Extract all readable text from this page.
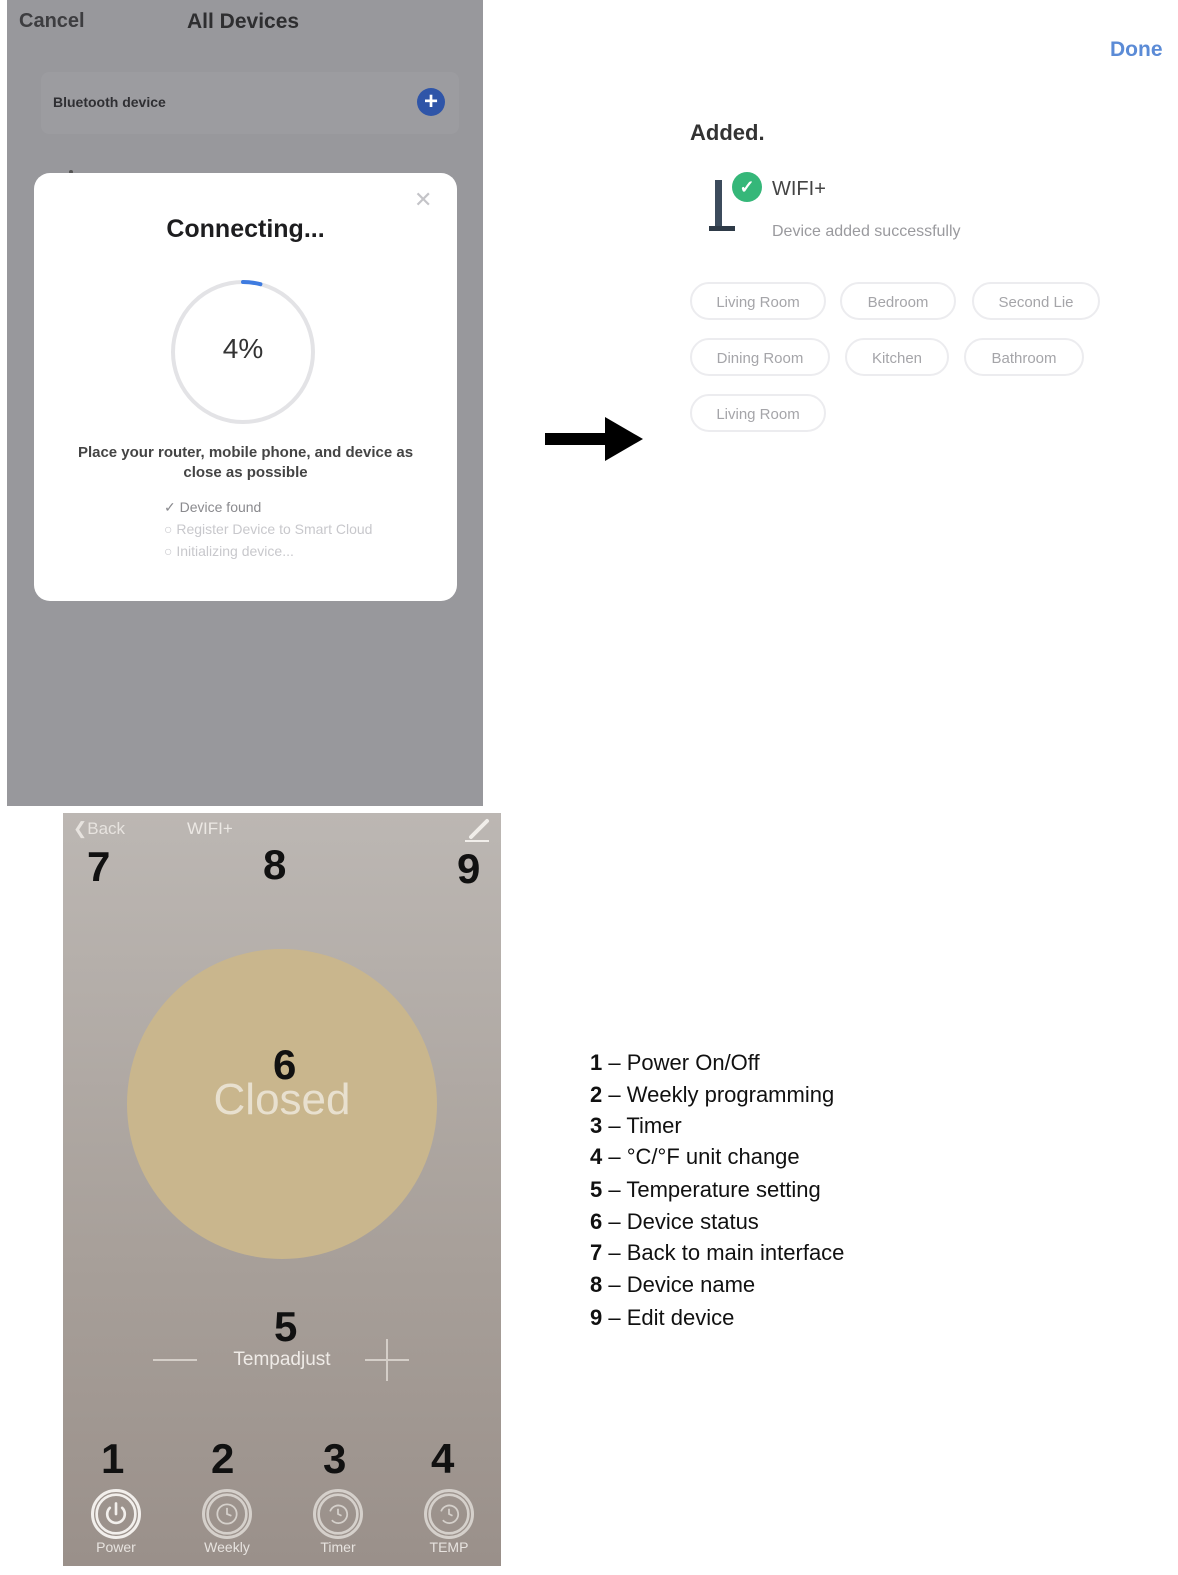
Cancel	All Devices
Bluetooth device	+
✕
Connecting...
4%
Place your router, mobile phone, and device as close as possible
✓ Device found
○ Register Device to Smart Cloud
○ Initializing device...
Done
Added.
✓ WIFI+
Device added successfully
Living Room	Bedroom	Second Lie
Dining Room	Kitchen	Bathroom
Living Room
❮Back	WIFI+
7	8	9
6
Closed
5
Tempadjust
1 2 3 4
Power	Weekly	Timer	TEMP
1 – Power On/Off
2 – Weekly programming
3 – Timer
4 – °C/°F unit change
5 – Temperature setting
6 – Device status
7 – Back to main interface
8 – Device name
9 – Edit device
